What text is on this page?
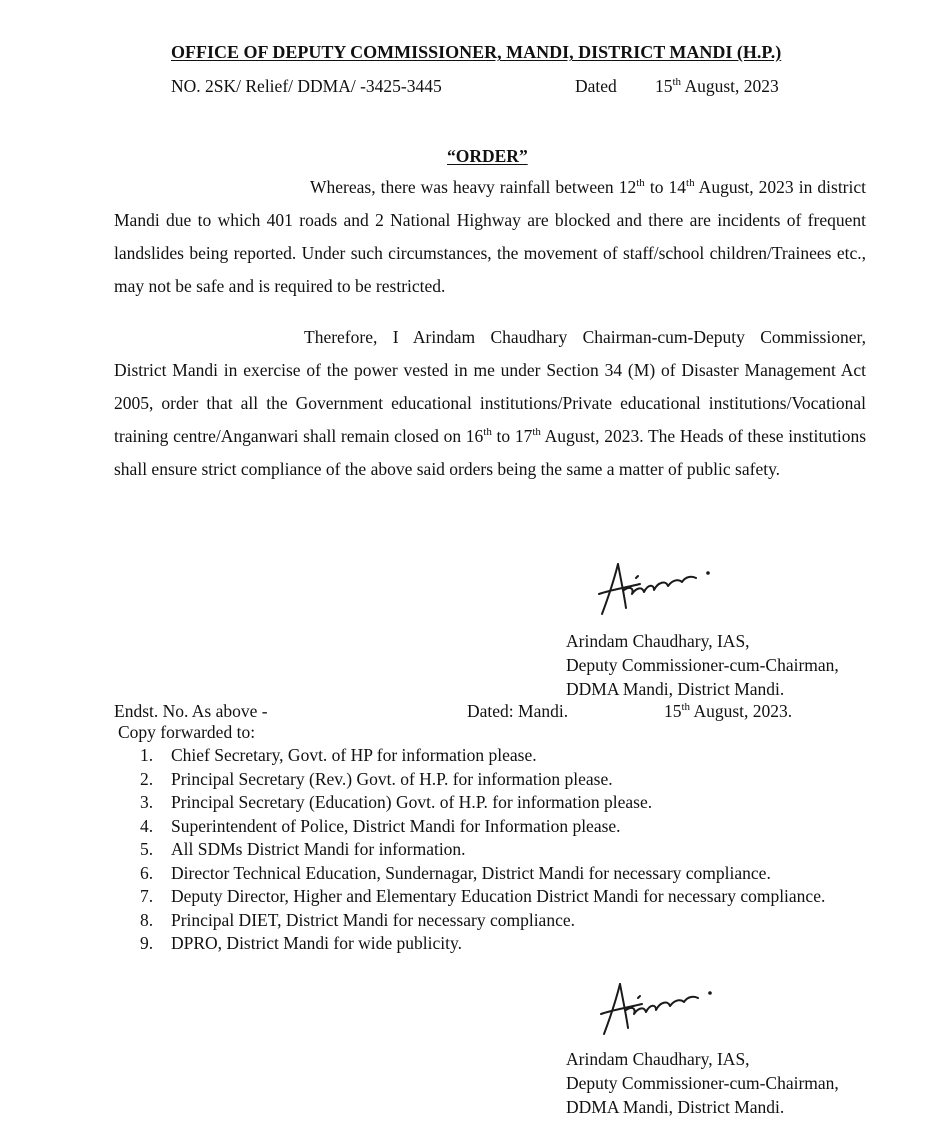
OFFICE OF DEPUTY COMMISSIONER, MANDI, DISTRICT MANDI (H.P.)
NO. 2SK/ Relief/ DDMA/ -3425-3445	Dated 15th August, 2023
“ORDER”
Whereas, there was heavy rainfall between 12th to 14th August, 2023 in district Mandi due to which 401 roads and 2 National Highway are blocked and there are incidents of frequent landslides being reported. Under such circumstances, the movement of staff/school children/Trainees etc., may not be safe and is required to be restricted.
Therefore, I Arindam Chaudhary Chairman-cum-Deputy Commissioner, District Mandi in exercise of the power vested in me under Section 34 (M) of Disaster Management Act 2005, order that all the Government educational institutions/Private educational institutions/Vocational training centre/Anganwari shall remain closed on 16th to 17th August, 2023. The Heads of these institutions shall ensure strict compliance of the above said orders being the same a matter of public safety.
Arindam Chaudhary, IAS,
Deputy Commissioner-cum-Chairman,
DDMA Mandi, District Mandi.
Endst. No. As above -	Dated: Mandi.	15th August, 2023.
Copy forwarded to:
1. Chief Secretary, Govt. of HP for information please.
2. Principal Secretary (Rev.) Govt. of H.P. for information please.
3. Principal Secretary (Education) Govt. of H.P. for information please.
4. Superintendent of Police, District Mandi for Information please.
5. All SDMs District Mandi for information.
6. Director Technical Education, Sundernagar, District Mandi for necessary compliance.
7. Deputy Director, Higher and Elementary Education District Mandi for necessary compliance.
8. Principal DIET, District Mandi for necessary compliance.
9. DPRO, District Mandi for wide publicity.
Arindam Chaudhary, IAS,
Deputy Commissioner-cum-Chairman,
DDMA Mandi, District Mandi.
